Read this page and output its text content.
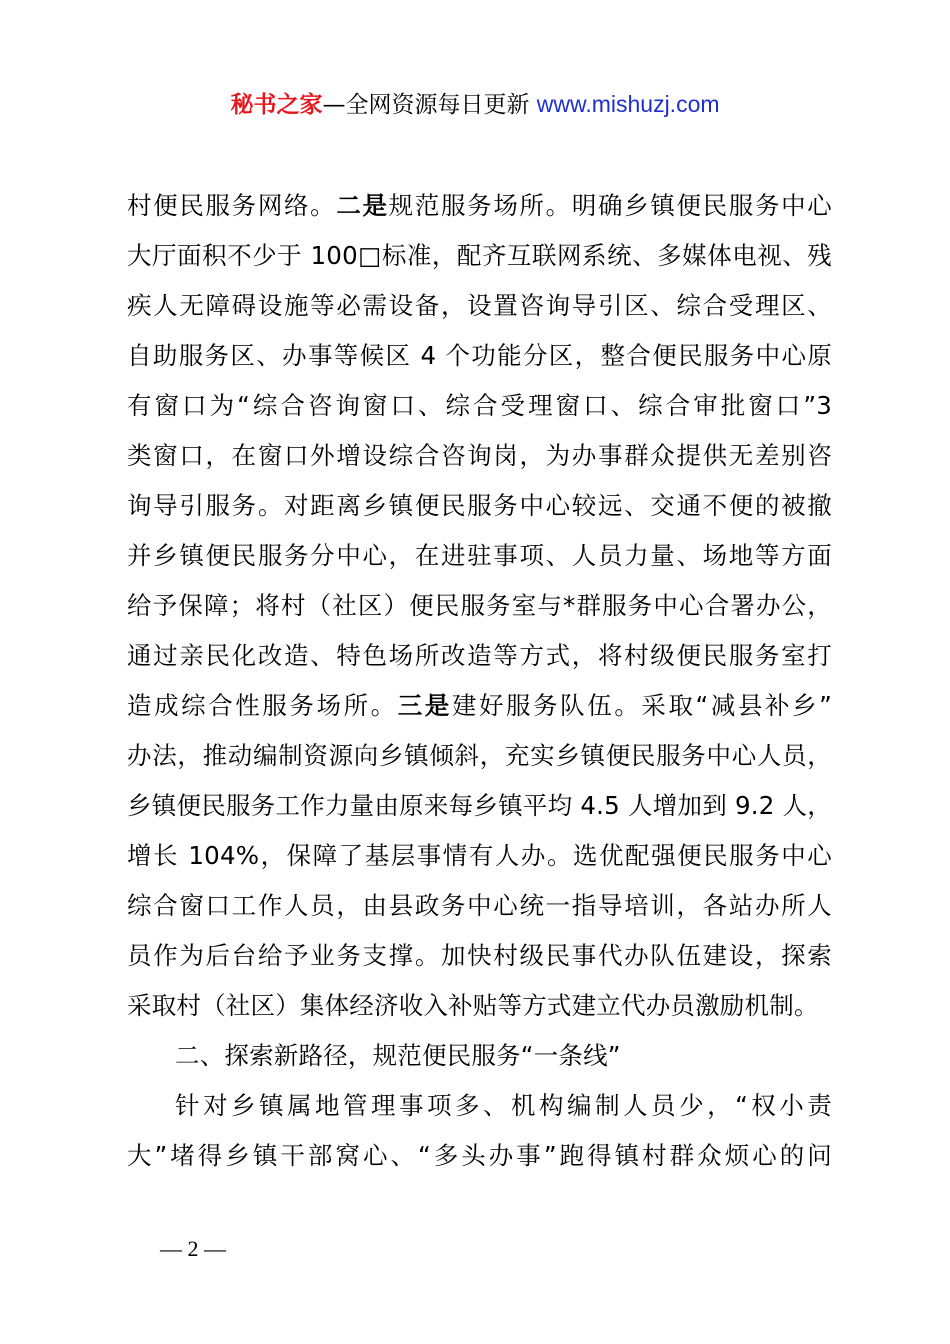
秘书之家—全网资源每日更新 www.mishuzj.com
村便民服务网络。二是规范服务场所。明确乡镇便民服务中心
大厅面积不少于 100□标准，配齐互联网系统、多媒体电视、残
疾人无障碍设施等必需设备，设置咨询导引区、综合受理区、
自助服务区、办事等候区 4 个功能分区，整合便民服务中心原
有窗口为“综合咨询窗口、综合受理窗口、综合审批窗口”3
类窗口，在窗口外增设综合咨询岗，为办事群众提供无差别咨
询导引服务。对距离乡镇便民服务中心较远、交通不便的被撤
并乡镇便民服务分中心，在进驻事项、人员力量、场地等方面
给予保障；将村（社区）便民服务室与*群服务中心合署办公，
通过亲民化改造、特色场所改造等方式，将村级便民服务室打
造成综合性服务场所。三是建好服务队伍。采取“减县补乡”
办法，推动编制资源向乡镇倾斜，充实乡镇便民服务中心人员，
乡镇便民服务工作力量由原来每乡镇平均 4.5 人增加到 9.2 人，
增长 104%，保障了基层事情有人办。选优配强便民服务中心
综合窗口工作人员，由县政务中心统一指导培训，各站办所人
员作为后台给予业务支撑。加快村级民事代办队伍建设，探索
采取村（社区）集体经济收入补贴等方式建立代办员激励机制。
二、探索新路径，规范便民服务“一条线”
针对乡镇属地管理事项多、机构编制人员少，“权小责
大”堵得乡镇干部窝心、“多头办事”跑得镇村群众烦心的问
— 2 —
